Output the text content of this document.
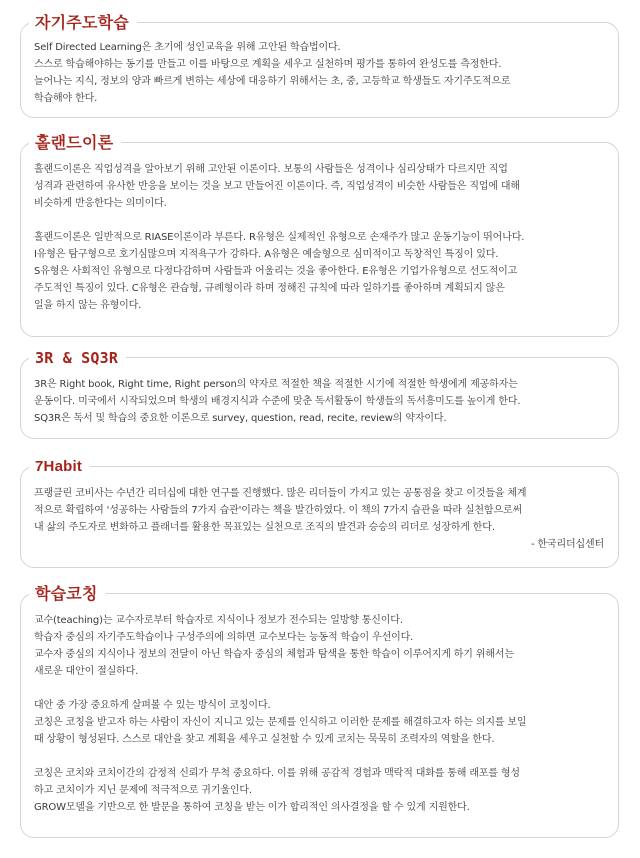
자기주도학습

Self Directed Learning은 초기에 성인교육을 위해 고안된 학습법이다.

스스로 학습해야하는 동기를 만들고 이를 바탕으로 계획을 세우고 실천하며 평가를 통하여 완성도를 측정한다.

늘어나는 지식, 정보의 양과 빠르게 변하는 세상에 대응하기 위해서는 초, 중, 고등학교 학생들도 자기주도적으로

학습해야 한다.

홀랜드이론

홀랜드이론은 직업성격을 알아보기 위해 고안된 이론이다. 보통의 사람들은 성격이나 심리상태가 다르지만 직업

성격과 관련하여 유사한 반응을 보이는 것을 보고 만들어진 이론이다. 즉, 직업성격이 비슷한 사람들은 직업에 대해

비슷하게 반응한다는 의미이다.

홀랜드이론은 일반적으로 RIASE이론이라 부른다. R유형은 실제적인 유형으로 손재주가 많고 운동기능이 뛰어나다.

I유형은 탐구형으로 호기심많으며 지적욕구가 강하다. A유형은 예술형으로 심미적이고 독창적인 특징이 있다.

S유형은 사회적인 유형으로 다정다감하며 사람들과 어울리는 것을 좋아한다. E유형은 기업가유형으로 선도적이고

주도적인 특징이 있다. C유형은 관습형, 규례형이라 하며 정해진 규칙에 따라 일하기를 좋아하며 계획되지 않은

일을 하지 않는 유형이다.

3R & SQ3R

3R은 Right book, Right time, Right person의 약자로 적절한 책을 적절한 시기에 적절한 학생에게 제공하자는

운동이다. 미국에서 시작되었으며 학생의 배경지식과 수준에 맞춘 독서활동이 학생들의 독서흥미도를 높이게 한다.

SQ3R은 독서 및 학습의 중요한 이론으로 survey, question, read, recite, review의 약자이다.

7Habit

프랭클린 코비사는 수년간 리더십에 대한 연구를 진행했다. 많은 리더들이 가지고 있는 공통점을 찾고 이것들을 체계

적으로 확립하여 '성공하는 사람들의 7가지 습관'이라는 책을 발간하였다. 이 책의 7가지 습관을 따라 실천함으로써

내 삶의 주도자로 변화하고 플래너를 활용한 목표있는 실천으로 조직의 발견과 승승의 리더로 성장하게 한다.

- 한국리더십센터

학습코칭

교수(teaching)는 교수자로부터 학습자로 지식이나 정보가 전수되는 일방향 통신이다.

학습자 중심의 자기주도학습이나 구성주의에 의하면 교수보다는 능동적 학습이 우선이다.

교수자 중심의 지식이나 정보의 전달이 아닌 학습자 중심의 체험과 탐색을 통한 학습이 이루어지게 하기 위해서는

새로운 대안이 절실하다.

대안 중 가장 중요하게 살펴볼 수 있는 방식이 코칭이다.

코칭은 코칭을 받고자 하는 사람이 자신이 지니고 있는 문제를 인식하고 이러한 문제를 해결하고자 하는 의지를 보일

때 상황이 형성된다. 스스로 대안을 찾고 계획을 세우고 실천할 수 있게 코치는 묵묵히 조력자의 역할을 한다.

코칭은 코치와 코치이간의 감정적 신뢰가 무척 중요하다. 이를 위해 공감적 경험과 맥락적 대화를 통해 래포를 형성

하고 코치이가 지닌 문제에 적극적으로 귀기울인다.

GROW모델을 기반으로 한 발문을 통하여 코칭을 받는 이가 합리적인 의사결정을 할 수 있게 지원한다.
